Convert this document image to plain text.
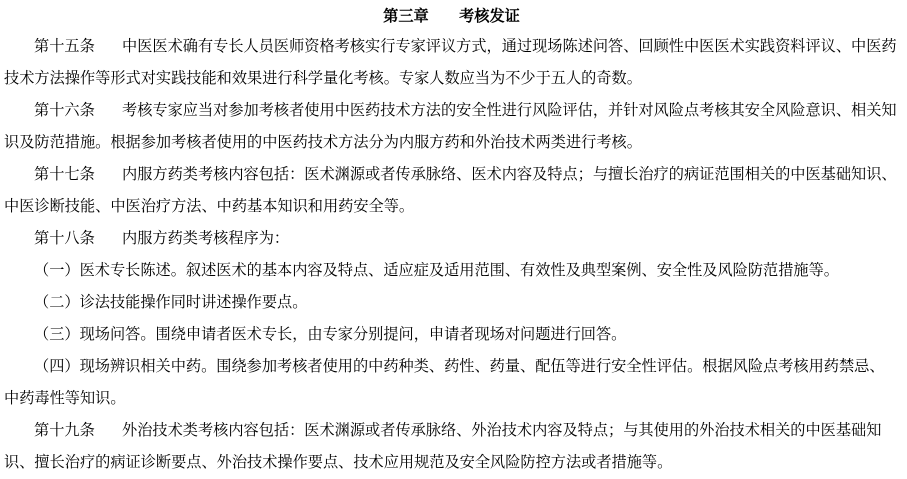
第三章　　考核发证

第十五条 中医医术确有专长人员医师资格考核实行专家评议方式，通过现场陈述问答、回顾性中医医术实践资料评议、中医药技术方法操作等形式对实践技能和效果进行科学量化考核。专家人数应当为不少于五人的奇数。

第十六条 考核专家应当对参加考核者使用中医药技术方法的安全性进行风险评估，并针对风险点考核其安全风险意识、相关知识及防范措施。根据参加考核者使用的中医药技术方法分为内服方药和外治技术两类进行考核。

第十七条 内服方药类考核内容包括：医术渊源或者传承脉络、医术内容及特点；与擅长治疗的病证范围相关的中医基础知识、中医诊断技能、中医治疗方法、中药基本知识和用药安全等。

第十八条 内服方药类考核程序为：

（一）医术专长陈述。叙述医术的基本内容及特点、适应症及适用范围、有效性及典型案例、安全性及风险防范措施等。

（二）诊法技能操作同时讲述操作要点。

（三）现场问答。围绕申请者医术专长，由专家分别提问，申请者现场对问题进行回答。

（四）现场辨识相关中药。围绕参加考核者使用的中药种类、药性、药量、配伍等进行安全性评估。根据风险点考核用药禁忌、中药毒性等知识。

第十九条 外治技术类考核内容包括：医术渊源或者传承脉络、外治技术内容及特点；与其使用的外治技术相关的中医基础知识、擅长治疗的病证诊断要点、外治技术操作要点、技术应用规范及安全风险防控方法或者措施等。
